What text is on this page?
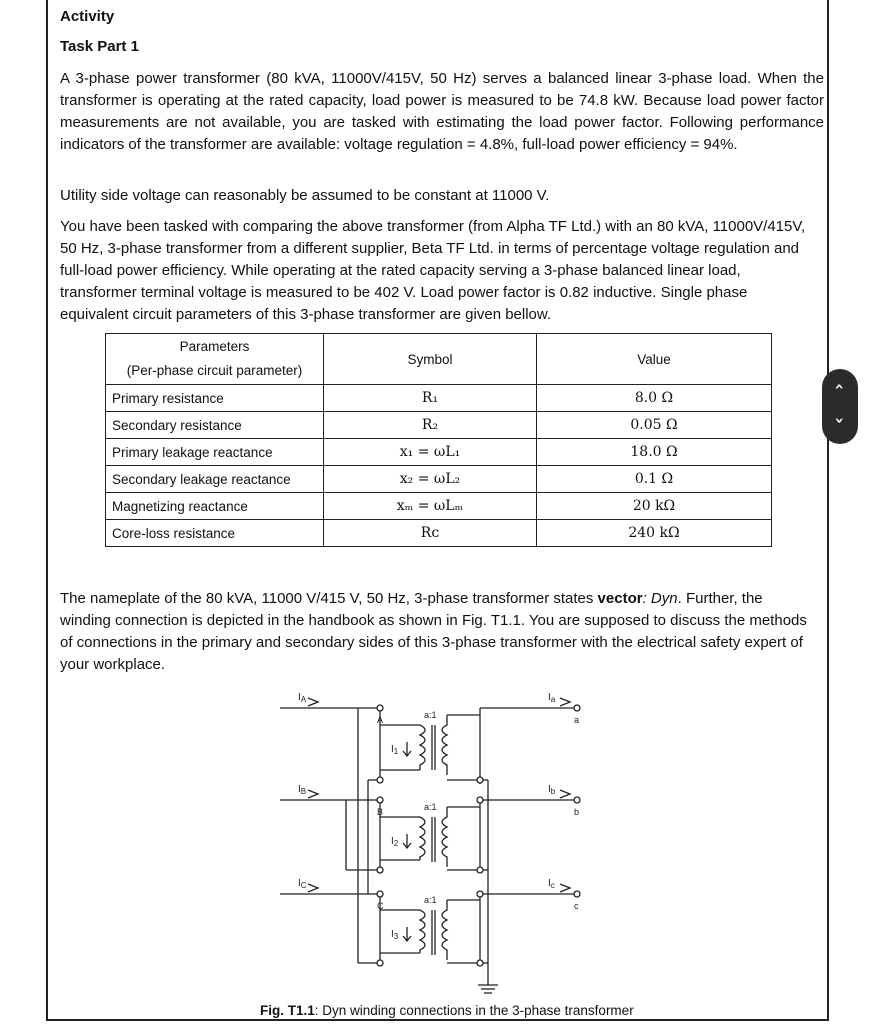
Activity
Task Part 1

A 3-phase power transformer (80 kVA, 11000V/415V, 50 Hz) serves a balanced linear 3-phase load. When the transformer is operating at the rated capacity, load power is measured to be 74.8 kW. Because load power factor measurements are not available, you are tasked with estimating the load power factor. Following performance indicators of the transformer are available: voltage regulation = 4.8%, full-load power efficiency = 94%.

Utility side voltage can reasonably be assumed to be constant at 11000 V.

You have been tasked with comparing the above transformer (from Alpha TF Ltd.) with an 80 kVA, 11000V/415V, 50 Hz, 3-phase transformer from a different supplier, Beta TF Ltd. in terms of percentage voltage regulation and full-load power efficiency. While operating at the rated capacity serving a 3-phase balanced linear load, transformer terminal voltage is measured to be 402 V. Load power factor is 0.82 inductive. Single phase equivalent circuit parameters of this 3-phase transformer are given bellow.

Parameters
(Per-phase circuit parameter)	Symbol	Value
Primary resistance	R₁	8.0 Ω
Secondary resistance	R₂	0.05 Ω
Primary leakage reactance	x₁ = ωL₁	18.0 Ω
Secondary leakage reactance	x₂ = ωL₂	0.1 Ω
Magnetizing reactance	xₘ = ωLₘ	20 kΩ
Core-loss resistance	Rᴄ	240 kΩ
‹
›

The nameplate of the 80 kVA, 11000 V/415 V, 50 Hz, 3-phase transformer states vector: Dyn. Further, the winding connection is depicted in the handbook as shown in Fig. T1.1. You are supposed to discuss the methods of connections in the primary and secondary sides of this 3-phase transformer with the electrical safety expert of your workplace.

$I_A$
$I_B$
$I_C$
$I_a$
$I_b$
$I_c$
A
B
C
a
b
c
a:1
a:1
a:1
$I_1$
$I_2$
$I_3$
Fig. T1.1: Dyn winding connections in the 3-phase transformer
